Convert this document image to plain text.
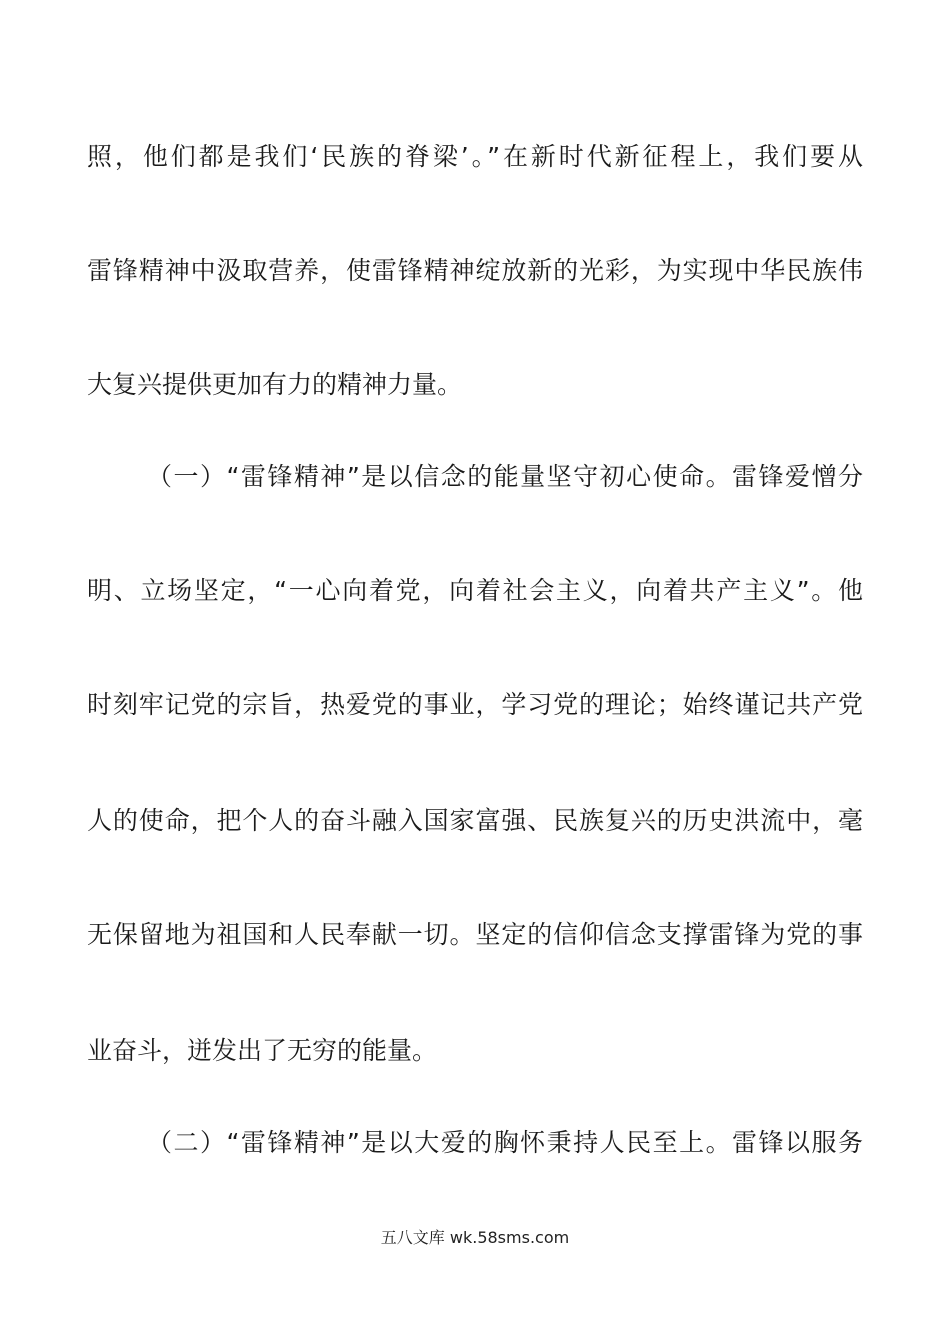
照，他们都是我们‘民族的脊梁’。”在新时代新征程上，我们要从
雷锋精神中汲取营养，使雷锋精神绽放新的光彩，为实现中华民族伟
大复兴提供更加有力的精神力量。
（一）“雷锋精神”是以信念的能量坚守初心使命。雷锋爱憎分
明、立场坚定，“一心向着党，向着社会主义，向着共产主义”。他
时刻牢记党的宗旨，热爱党的事业，学习党的理论；始终谨记共产党
人的使命，把个人的奋斗融入国家富强、民族复兴的历史洪流中，毫
无保留地为祖国和人民奉献一切。坚定的信仰信念支撑雷锋为党的事
业奋斗，迸发出了无穷的能量。
（二）“雷锋精神”是以大爱的胸怀秉持人民至上。雷锋以服务
五八文库 wk.58sms.com
